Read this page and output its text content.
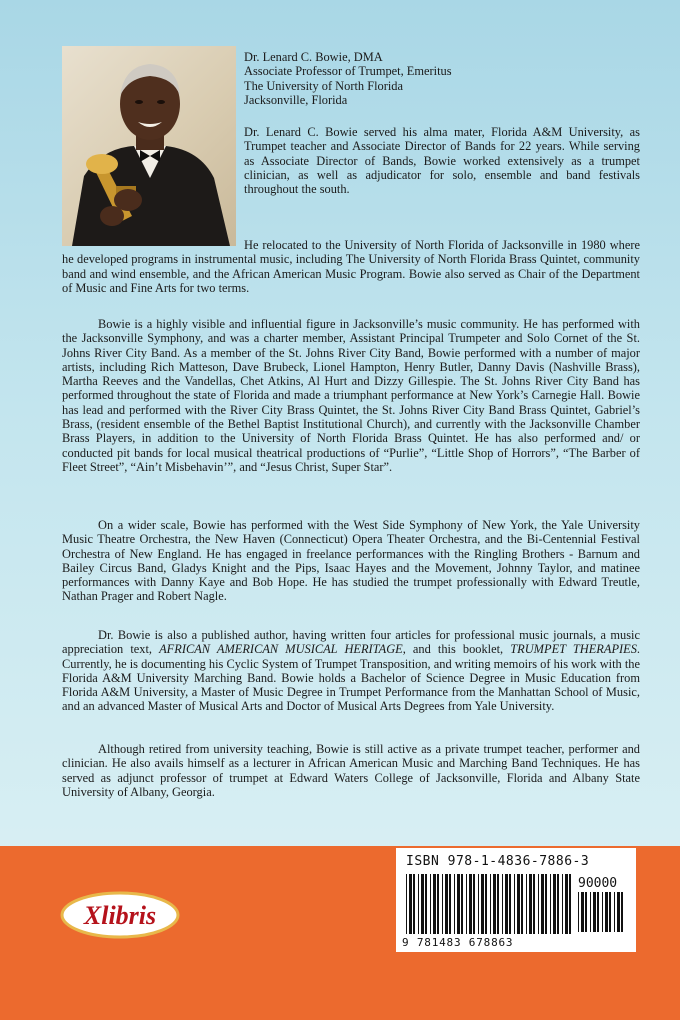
Dr. Lenard C. Bowie, DMA
Associate Professor of Trumpet, Emeritus
The University of North Florida
Jacksonville, Florida
Dr. Lenard C. Bowie served his alma mater, Florida A&M University, as Trumpet teacher and Associate Director of Bands for 22 years. While serving as Associate Director of Bands, Bowie worked extensively as a trumpet clinician, as well as adjudicator for solo, ensemble and band festivals throughout the south.
He relocated to the University of North Florida of Jacksonville in 1980 where he developed programs in instrumental music, including The University of North Florida Brass Quintet, community band and wind ensemble, and the African American Music Program. Bowie also served as Chair of the Department of Music and Fine Arts for two terms.
Bowie is a highly visible and influential figure in Jacksonville’s music community. He has performed with the Jacksonville Symphony, and was a charter member, Assistant Principal Trumpeter and Solo Cornet of the St. Johns River City Band. As a member of the St. Johns River City Band, Bowie performed with a number of major artists, including Rich Matteson, Dave Brubeck, Lionel Hampton, Henry Butler, Danny Davis (Nashville Brass), Martha Reeves and the Vandellas, Chet Atkins, Al Hurt and Dizzy Gillespie. The St. Johns River City Band has performed throughout the state of Florida and made a triumphant performance at New York’s Carnegie Hall. Bowie has lead and performed with the River City Brass Quintet, the St. Johns River City Band Brass Quintet, Gabriel’s Brass, (resident ensemble of the Bethel Baptist Institutional Church), and currently with the Jacksonville Chamber Brass Players, in addition to the University of North Florida Brass Quintet. He has also performed and/ or conducted pit bands for local musical theatrical productions of “Purlie”, “Little Shop of Horrors”, “The Barber of Fleet Street”, “Ain’t Misbehavin’”, and “Jesus Christ, Super Star”.
On a wider scale, Bowie has performed with the West Side Symphony of New York, the Yale University Music Theatre Orchestra, the New Haven (Connecticut) Opera Theater Orchestra, and the Bi-Centennial Festival Orchestra of New England. He has engaged in freelance performances with the Ringling Brothers - Barnum and Bailey Circus Band, Gladys Knight and the Pips, Isaac Hayes and the Movement, Johnny Taylor, and matinee performances with Danny Kaye and Bob Hope. He has studied the trumpet professionally with Edward Treutle, Nathan Prager and Robert Nagle.
Dr. Bowie is also a published author, having written four articles for professional music journals, a music appreciation text, AFRICAN AMERICAN MUSICAL HERITAGE, and this booklet, TRUMPET THERAPIES. Currently, he is documenting his Cyclic System of Trumpet Transposition, and writing memoirs of his work with the Florida A&M University Marching Band. Bowie holds a Bachelor of Science Degree in Music Education from Florida A&M University, a Master of Music Degree in Trumpet Performance from the Manhattan School of Music, and an advanced Master of Musical Arts and Doctor of Musical Arts Degrees from Yale University.
Although retired from university teaching, Bowie is still active as a private trumpet teacher, performer and clinician. He also avails himself as a lecturer in African American Music and Marching Band Techniques. He has served as adjunct professor of trumpet at Edward Waters College of Jacksonville, Florida and Albany State University of Albany, Georgia.
Xlibris
ISBN 978-1-4836-7886-3
90000
9 781483 678863
